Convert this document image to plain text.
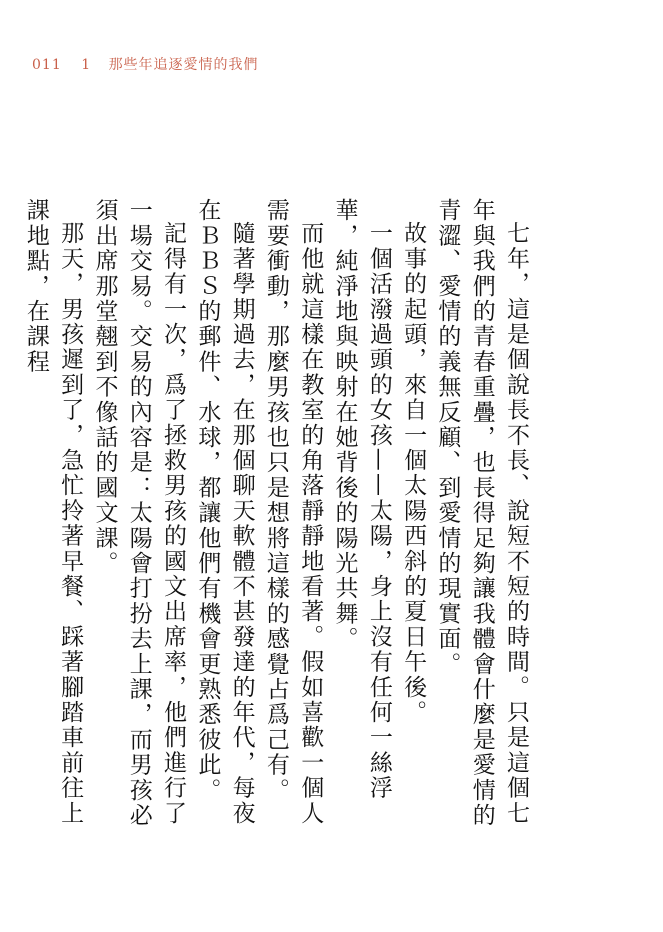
011 1 那些年追逐愛情的我們

七年，這是個說長不長、說短不短的時間。只是這個七年與我們的青春重疊，也長得足夠讓我體會什麼是愛情的青澀、愛情的義無反顧、到愛情的現實面。

故事的起頭，來自一個太陽西斜的夏日午後。

一個活潑過頭的女孩——太陽，身上沒有任何一絲浮華，純淨地與映射在她背後的陽光共舞。

而他就這樣在教室的角落靜靜地看著。假如喜歡一個人需要衝動，那麼男孩也只是想將這樣的感覺占爲己有。

隨著學期過去，在那個聊天軟體不甚發達的年代，每夜在ＢＢＳ的郵件、水球，都讓他們有機會更熟悉彼此。

記得有一次，爲了拯救男孩的國文出席率，他們進行了一場交易。交易的內容是：太陽會打扮去上課，而男孩必須出席那堂翹到不像話的國文課。

那天，男孩遲到了，急忙拎著早餐、踩著腳踏車前往上課地點，在課程
